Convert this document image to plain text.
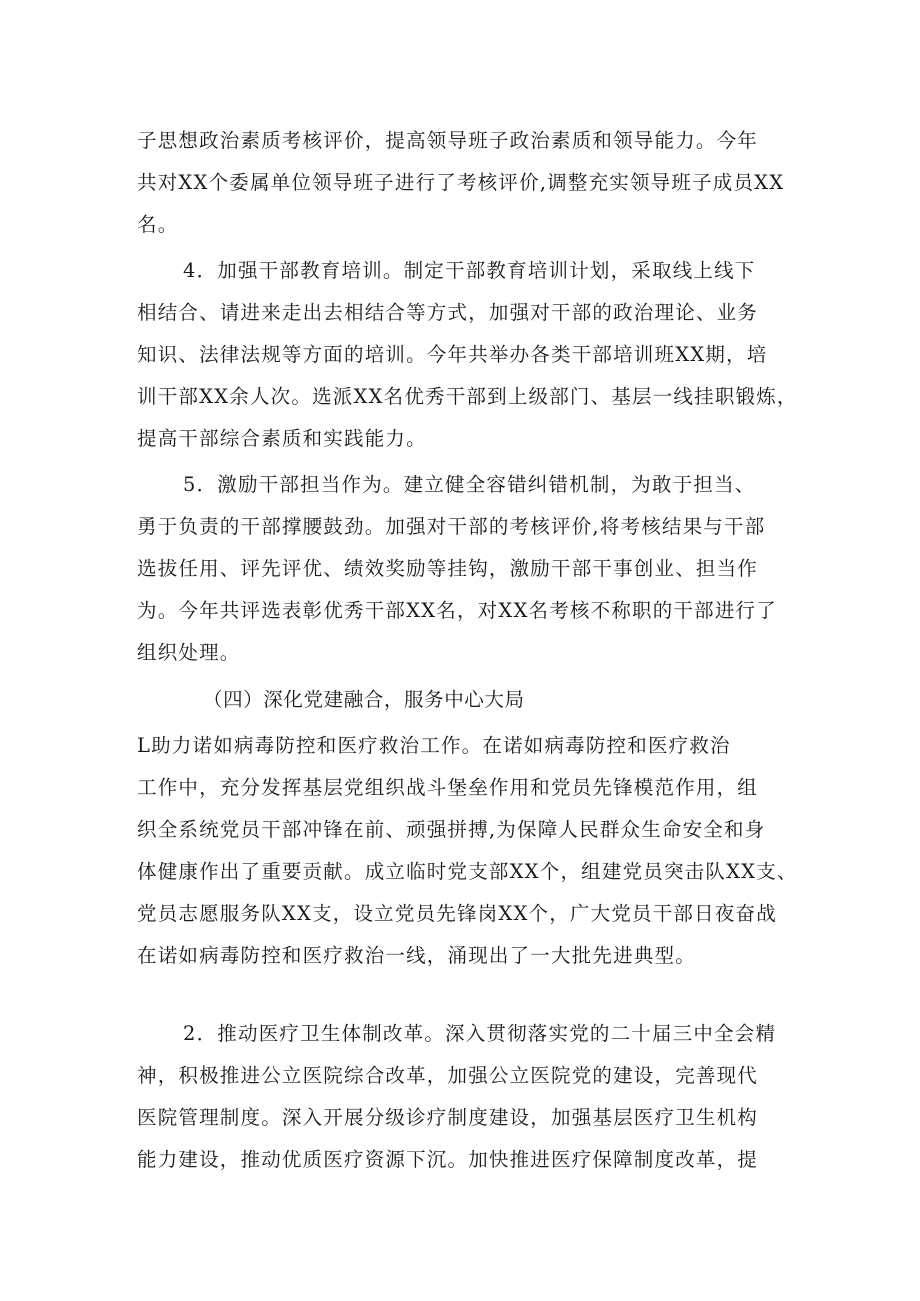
子思想政治素质考核评价，提高领导班子政治素质和领导能力。今年
共对XX个委属单位领导班子进行了考核评价,调整充实领导班子成员XX
名。
4．加强干部教育培训。制定干部教育培训计划，采取线上线下
相结合、请进来走出去相结合等方式，加强对干部的政治理论、业务
知识、法律法规等方面的培训。今年共举办各类干部培训班XX期，培
训干部XX余人次。选派XX名优秀干部到上级部门、基层一线挂职锻炼，
提高干部综合素质和实践能力。
5．激励干部担当作为。建立健全容错纠错机制，为敢于担当、
勇于负责的干部撑腰鼓劲。加强对干部的考核评价,将考核结果与干部
选拔任用、评先评优、绩效奖励等挂钩，激励干部干事创业、担当作
为。今年共评选表彰优秀干部XX名，对XX名考核不称职的干部进行了
组织处理。
（四）深化党建融合，服务中心大局
L助力诺如病毒防控和医疗救治工作。在诺如病毒防控和医疗救治
工作中，充分发挥基层党组织战斗堡垒作用和党员先锋模范作用，组
织全系统党员干部冲锋在前、顽强拼搏,为保障人民群众生命安全和身
体健康作出了重要贡献。成立临时党支部XX个，组建党员突击队XX支、
党员志愿服务队XX支，设立党员先锋岗XX个，广大党员干部日夜奋战
在诺如病毒防控和医疗救治一线，涌现出了一大批先进典型。
2．推动医疗卫生体制改革。深入贯彻落实党的二十届三中全会精
神，积极推进公立医院综合改革，加强公立医院党的建设，完善现代
医院管理制度。深入开展分级诊疗制度建设，加强基层医疗卫生机构
能力建设，推动优质医疗资源下沉。加快推进医疗保障制度改革，提
